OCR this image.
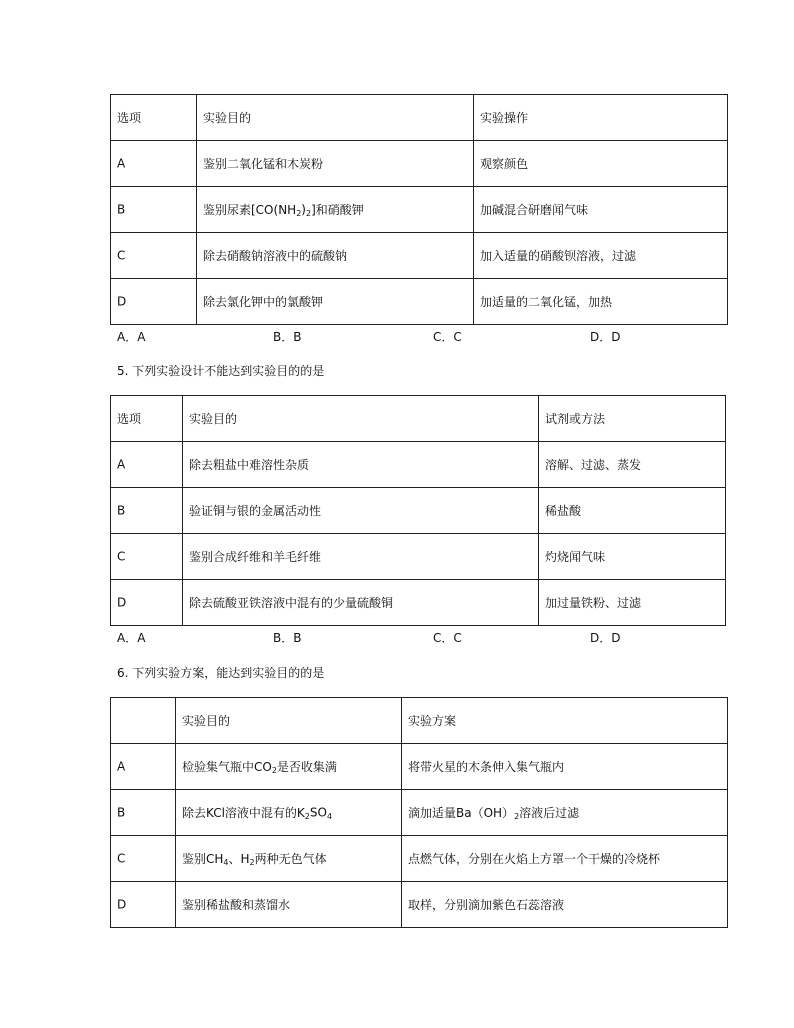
选项	实验目的	实验操作
A	鉴别二氧化锰和木炭粉	观察颜色
B	鉴别尿素$[CO(NH_2)_2]$和硝酸钾	加碱混合研磨闻气味
C	除去硝酸钠溶液中的硫酸钠	加入适量的硝酸钡溶液，过滤
D	除去氯化钾中的氯酸钾	加适量的二氧化锰，加热
A．A	B．B	C．C	D．D
5. 下列实验设计不能达到实验目的的是
选项	实验目的	试剂或方法
A	除去粗盐中难溶性杂质	溶解、过滤、蒸发
B	验证铜与银的金属活动性	稀盐酸
C	鉴别合成纤维和羊毛纤维	灼烧闻气味
D	除去硫酸亚铁溶液中混有的少量硫酸铜	加过量铁粉、过滤
A．A	B．B	C．C	D．D
6. 下列实验方案，能达到实验目的的是
	实验目的	实验方案
A	检验集气瓶中$CO_2$是否收集满	将带火星的木条伸入集气瓶内
B	除去KCl溶液中混有的$K_2SO_4$	滴加适量$Ba(OH)_2$溶液后过滤
C	鉴别$CH_4$、$H_2$两种无色气体	点燃气体，分别在火焰上方罩一个干燥的冷烧杯
D	鉴别稀盐酸和蒸馏水	取样，分别滴加紫色石蕊溶液
